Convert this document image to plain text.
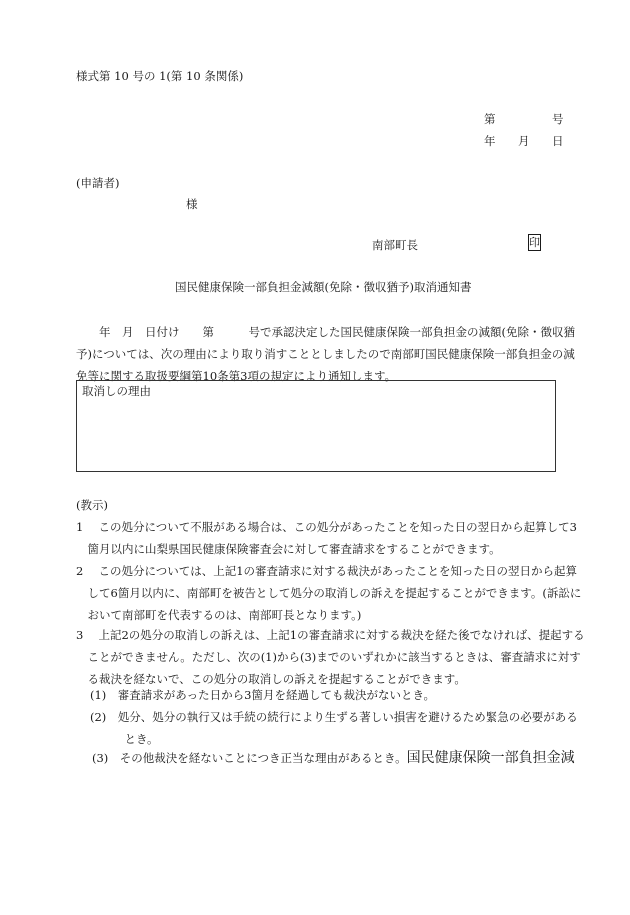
様式第 10 号の 1(第 10 条関係)
第	号
年 月 日
(申請者)
様
南部町長	印
国民健康保険一部負担金減額(免除・徴収猶予)取消通知書
　　年　月　日付け　　第　　　号で承認決定した国民健康保険一部負担金の減額(免除・徴収猶
予)については、次の理由により取り消すこととしましたので南部町国民健康保険一部負担金の減
免等に関する取扱要綱第10条第3項の規定により通知します。
取消しの理由
(教示)
1　 この処分について不服がある場合は、この処分があったことを知った日の翌日から起算して3
　箇月以内に山梨県国民健康保険審査会に対して審査請求をすることができます。
2　 この処分については、上記1の審査請求に対する裁決があったことを知った日の翌日から起算
　して6箇月以内に、南部町を被告として処分の取消しの訴えを提起することができます。(訴訟に
　おいて南部町を代表するのは、南部町長となります。)
3　 上記2の処分の取消しの訴えは、上記1の審査請求に対する裁決を経た後でなければ、提起する
　ことができません。ただし、次の(1)から(3)までのいずれかに該当するときは、審査請求に対す
　る裁決を経ないで、この処分の取消しの訴えを提起することができます。
(1)　審査請求があった日から3箇月を経過しても裁決がないとき。
(2)　処分、処分の執行又は手続の続行により生ずる著しい損害を避けるため緊急の必要がある
　　　とき。
(3)　その他裁決を経ないことにつき正当な理由があるとき。国民健康保険一部負担金減
